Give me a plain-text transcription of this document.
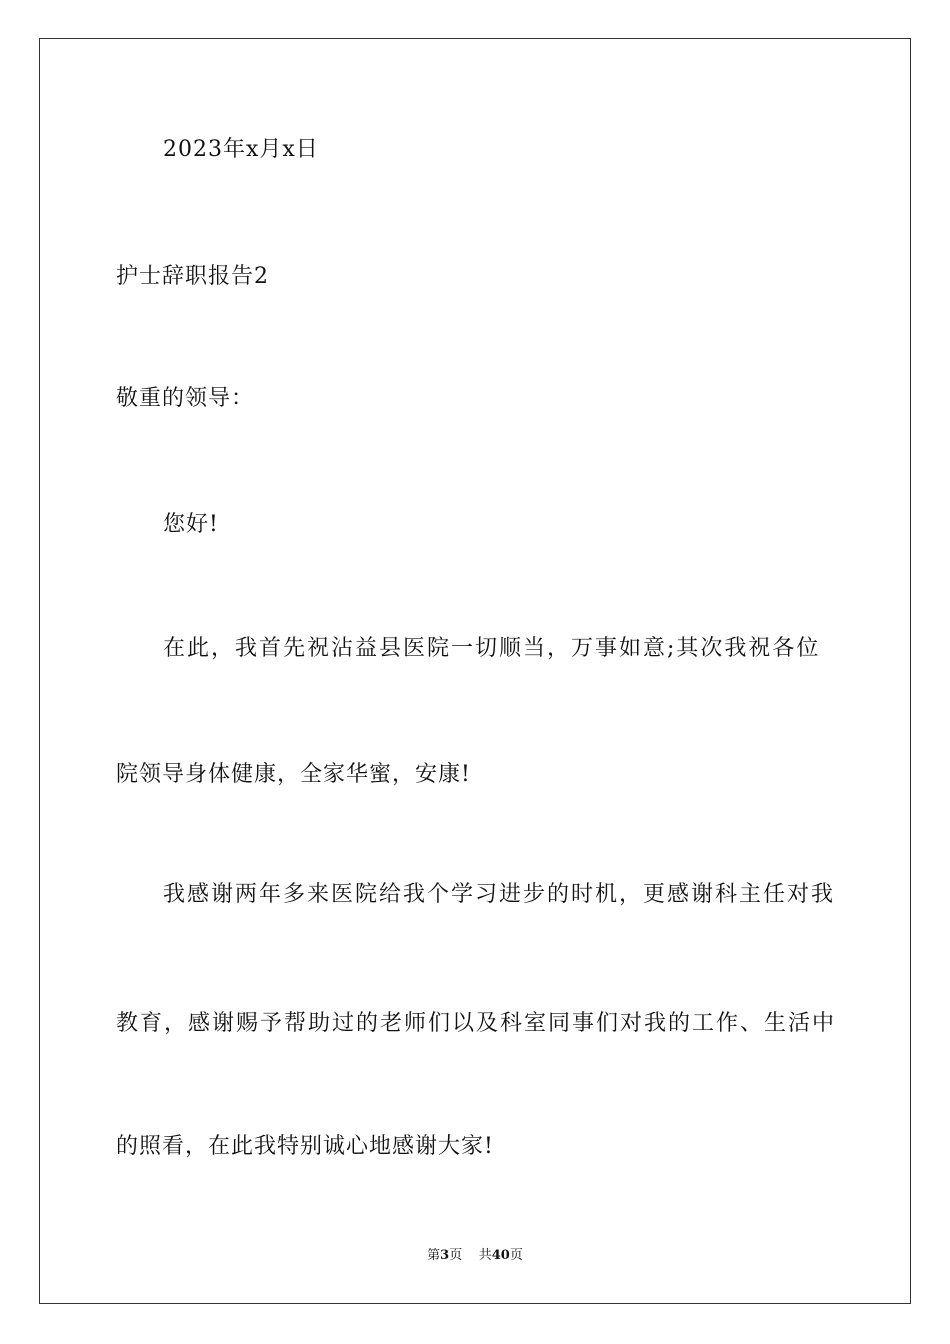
2023年x月x日
护士辞职报告2
敬重的领导：
您好!
在此，我首先祝沾益县医院一切顺当，万事如意;其次我祝各位
院领导身体健康，全家华蜜，安康!
我感谢两年多来医院给我个学习进步的时机，更感谢科主任对我
教育，感谢赐予帮助过的老师们以及科室同事们对我的工作、生活中
的照看，在此我特别诚心地感谢大家!
第3页 共40页
